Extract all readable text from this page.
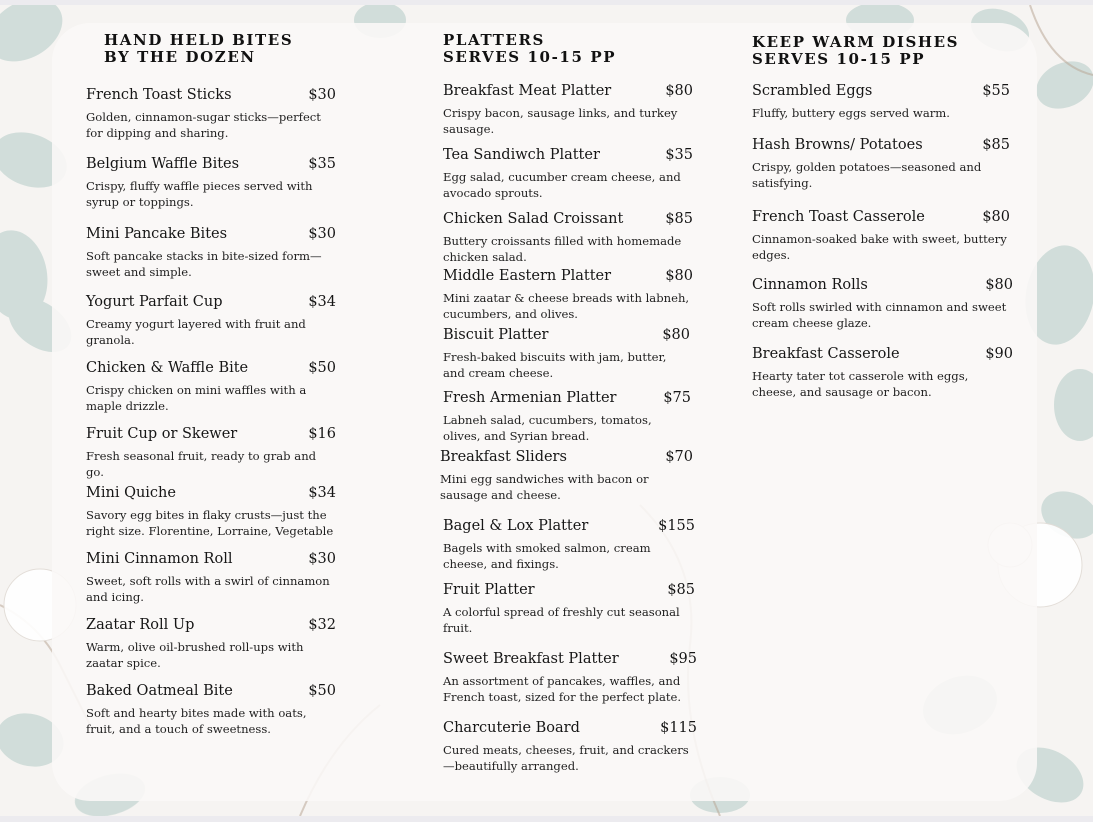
HAND HELD BITES
BY THE DOZEN
French Toast Sticks	$30
Golden, cinnamon-sugar sticks—perfect for dipping and sharing.
Belgium Waffle Bites	$35
Crispy, fluffy waffle pieces served with syrup or toppings.
Mini Pancake Bites	$30
Soft pancake stacks in bite-sized form—sweet and simple.
Yogurt Parfait Cup	$34
Creamy yogurt layered with fruit and granola.
Chicken & Waffle Bite	$50
Crispy chicken on mini waffles with a maple drizzle.
Fruit Cup or Skewer	$16
Fresh seasonal fruit, ready to grab and go.
Mini Quiche	$34
Savory egg bites in flaky crusts—just the right size. Florentine, Lorraine, Vegetable
Mini Cinnamon Roll	$30
Sweet, soft rolls with a swirl of cinnamon and icing.
Zaatar Roll Up	$32
Warm, olive oil-brushed roll-ups with zaatar spice.
Baked Oatmeal Bite	$50
Soft and hearty bites made with oats, fruit, and a touch of sweetness.
PLATTERS
SERVES 10-15 PP
Breakfast Meat Platter	$80
Crispy bacon, sausage links, and turkey sausage.
Tea Sandiwch Platter	$35
Egg salad, cucumber cream cheese, and avocado sprouts.
Chicken Salad Croissant	$85
Buttery croissants filled with homemade chicken salad.
Middle Eastern Platter	$80
Mini zaatar & cheese breads with labneh, cucumbers, and olives.
Biscuit Platter	$80
Fresh-baked biscuits with jam, butter, and cream cheese.
Fresh Armenian Platter	$75
Labneh salad, cucumbers, tomatos, olives, and Syrian bread.
Breakfast Sliders	$70
Mini egg sandwiches with bacon or sausage and cheese.
Bagel & Lox Platter	$155
Bagels with smoked salmon, cream cheese, and fixings.
Fruit Platter	$85
A colorful spread of freshly cut seasonal fruit.
Sweet Breakfast Platter	$95
An assortment of pancakes, waffles, and French toast, sized for the perfect plate.
Charcuterie Board	$115
Cured meats, cheeses, fruit, and crackers—beautifully arranged.
KEEP WARM DISHES
SERVES 10-15 PP
Scrambled Eggs	$55
Fluffy, buttery eggs served warm.
Hash Browns/ Potatoes	$85
Crispy, golden potatoes—seasoned and satisfying.
French Toast Casserole	$80
Cinnamon-soaked bake with sweet, buttery edges.
Cinnamon Rolls	$80
Soft rolls swirled with cinnamon and sweet cream cheese glaze.
Breakfast Casserole	$90
Hearty tater tot casserole with eggs, cheese, and sausage or bacon.
